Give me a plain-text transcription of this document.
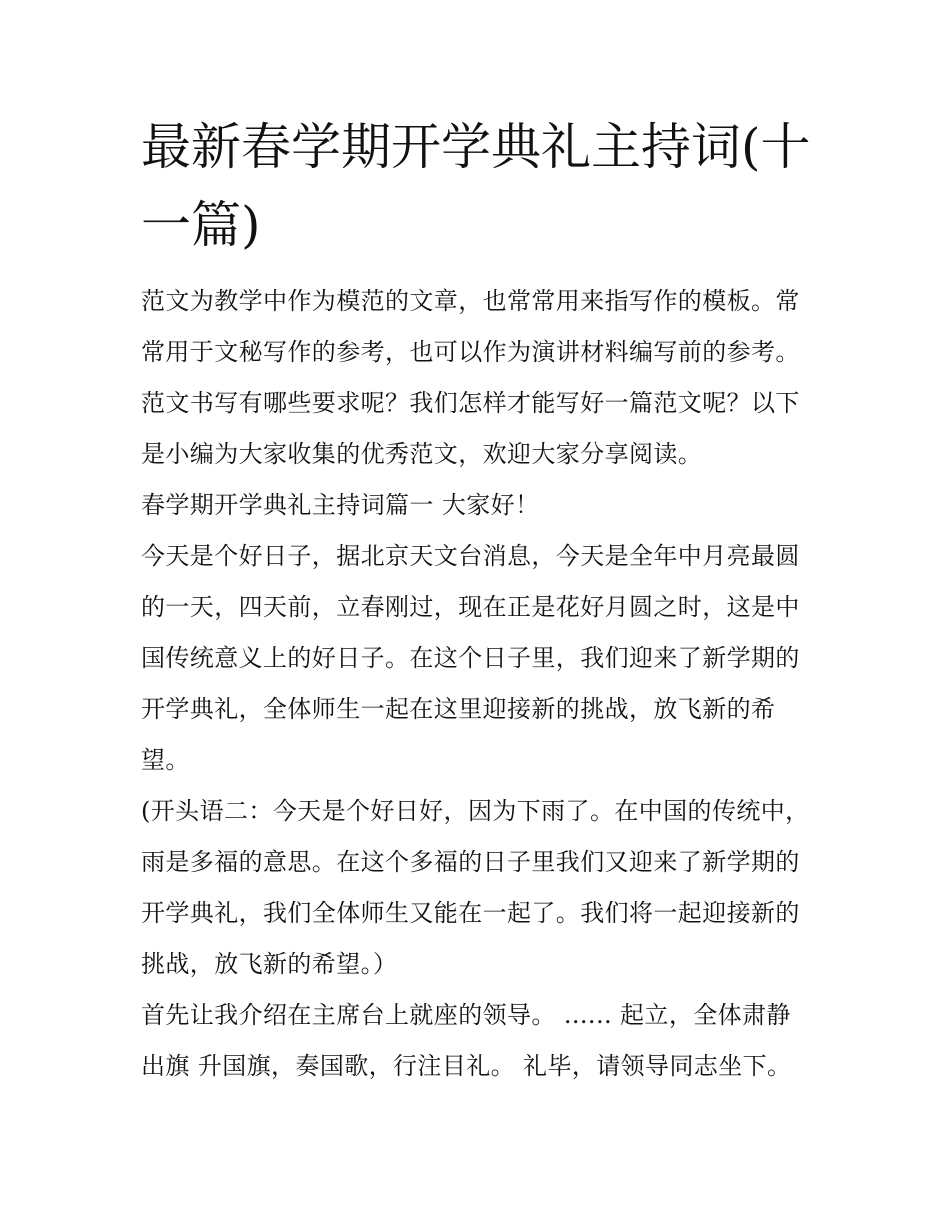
最新春学期开学典礼主持词(十一篇)

范文为教学中作为模范的文章，也常常用来指写作的模板。常常用于文秘写作的参考，也可以作为演讲材料编写前的参考。范文书写有哪些要求呢？我们怎样才能写好一篇范文呢？以下是小编为大家收集的优秀范文，欢迎大家分享阅读。

春学期开学典礼主持词篇一 大家好！

今天是个好日子，据北京天文台消息，今天是全年中月亮最圆的一天，四天前，立春刚过，现在正是花好月圆之时，这是中国传统意义上的好日子。在这个日子里，我们迎来了新学期的开学典礼，全体师生一起在这里迎接新的挑战，放飞新的希望。

(开头语二：今天是个好日好，因为下雨了。在中国的传统中，雨是多福的意思。在这个多福的日子里我们又迎来了新学期的开学典礼，我们全体师生又能在一起了。我们将一起迎接新的挑战，放飞新的希望。）

首先让我介绍在主席台上就座的领导。 ...... 起立，全体肃静出旗 升国旗，奏国歌，行注目礼。 礼毕，请领导同志坐下。
